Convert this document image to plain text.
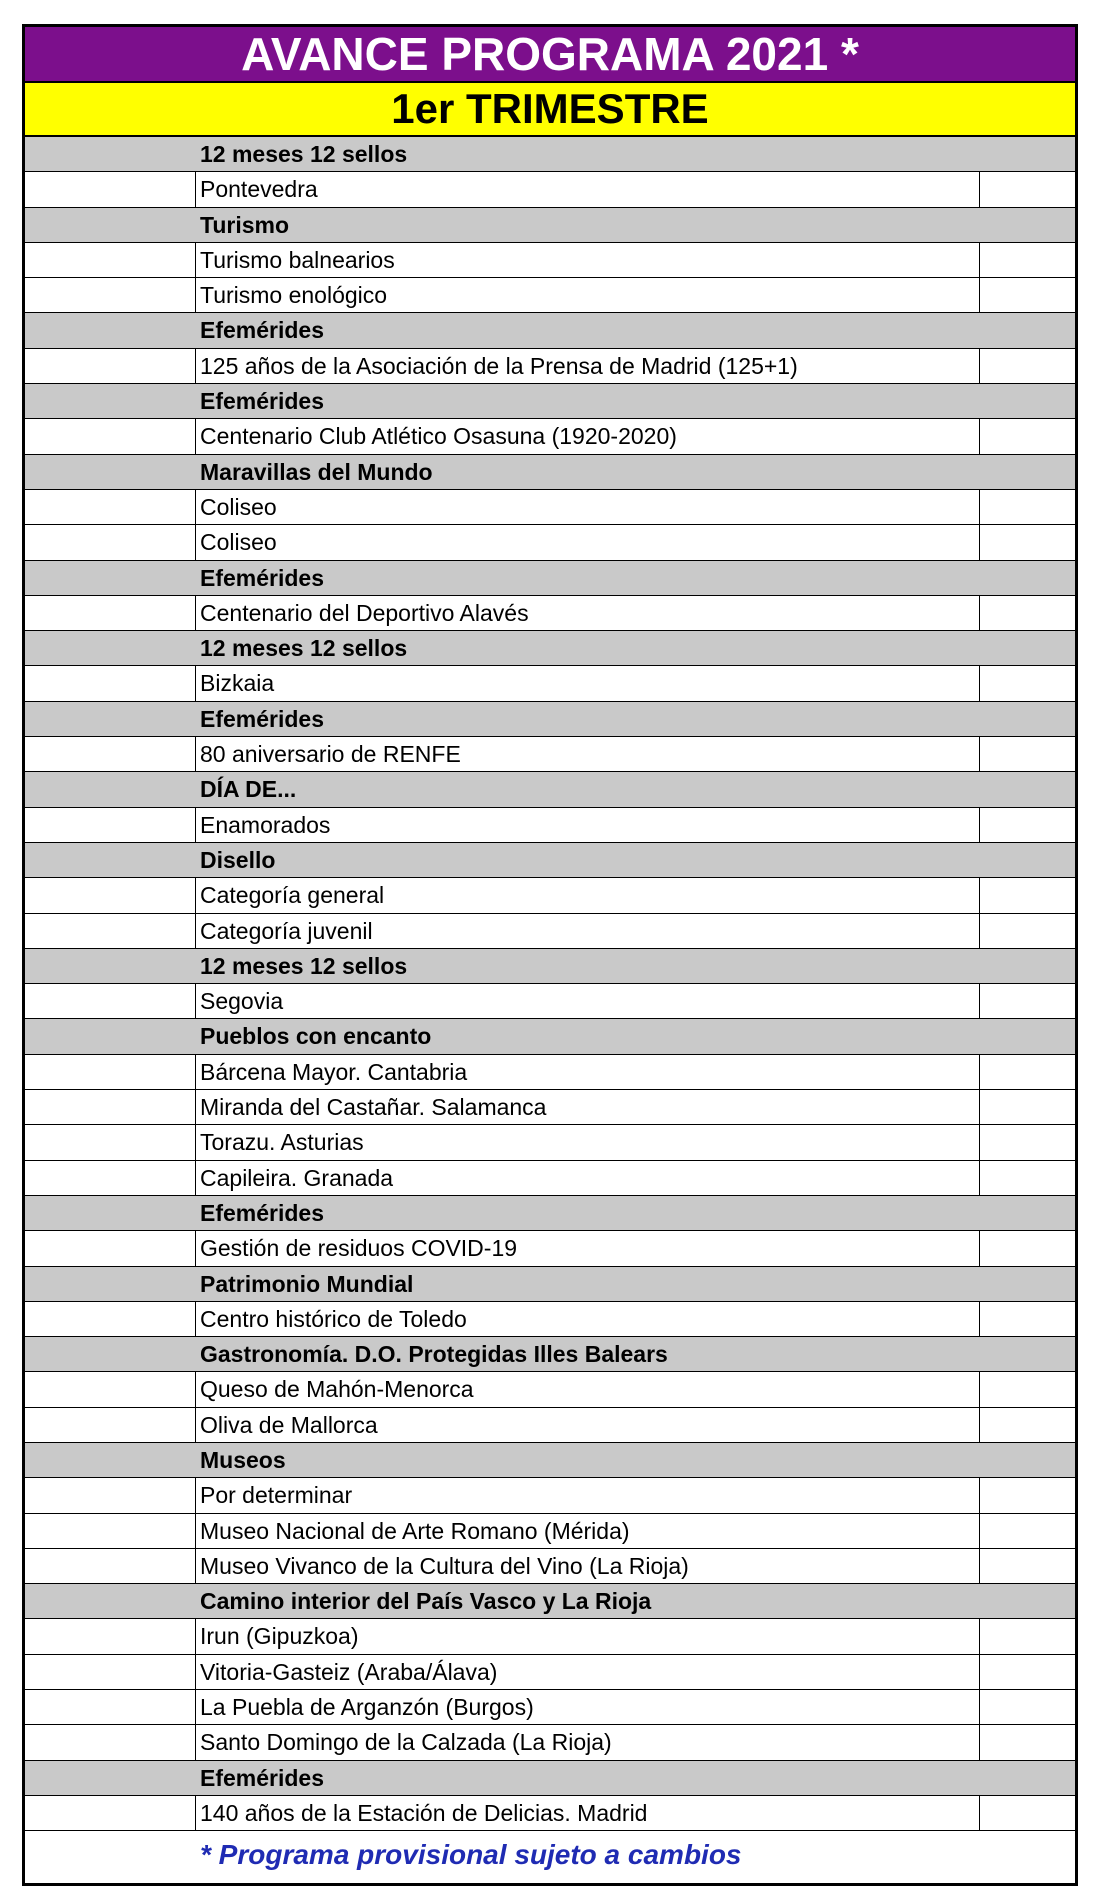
AVANCE PROGRAMA 2021 *
1er TRIMESTRE
12 meses 12 sellos
Pontevedra
Turismo
Turismo balnearios
Turismo enológico
Efemérides
125 años de la Asociación de la Prensa de Madrid (125+1)
Efemérides
Centenario Club Atlético Osasuna (1920-2020)
Maravillas del Mundo
Coliseo
Coliseo
Efemérides
Centenario del Deportivo Alavés
12 meses 12 sellos
Bizkaia
Efemérides
80 aniversario de RENFE
DÍA DE...
Enamorados
Disello
Categoría general
Categoría juvenil
12 meses 12 sellos
Segovia
Pueblos con encanto
Bárcena Mayor. Cantabria
Miranda del Castañar. Salamanca
Torazu. Asturias
Capileira. Granada
Efemérides
Gestión de residuos COVID-19
Patrimonio Mundial
Centro histórico de Toledo
Gastronomía. D.O. Protegidas Illes Balears
Queso de Mahón-Menorca
Oliva de Mallorca
Museos
Por determinar
Museo Nacional de Arte Romano (Mérida)
Museo Vivanco de la Cultura del Vino (La Rioja)
Camino interior del País Vasco y La Rioja
Irun (Gipuzkoa)
Vitoria-Gasteiz (Araba/Álava)
La Puebla de Arganzón (Burgos)
Santo Domingo de la Calzada (La Rioja)
Efemérides
140 años de la Estación de Delicias. Madrid
* Programa provisional sujeto a cambios
